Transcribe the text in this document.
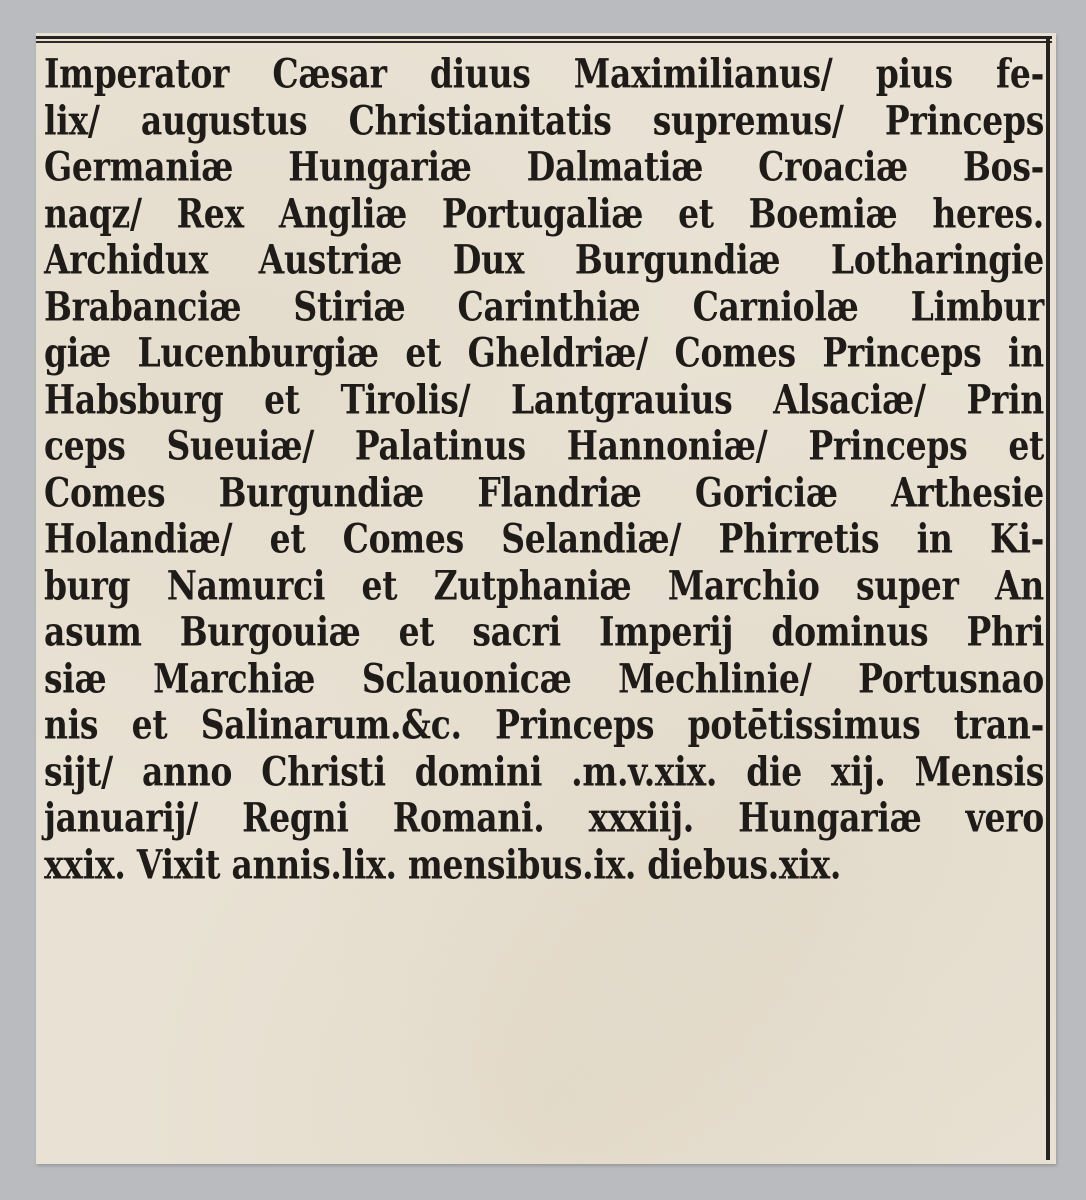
Imperator Cæsar diuus Maximilianus/ pius fe-
lix/ augustus Christianitatis supremus/ Princeps
Germaniæ Hungariæ Dalmatiæ Croaciæ Bos-
naqz/ Rex Angliæ Portugaliæ et Boemiæ heres.
Archidux Austriæ Dux Burgundiæ Lotharingie
Brabanciæ Stiriæ Carinthiæ Carniolæ Limbur
giæ Lucenburgiæ et Gheldriæ/ Comes Princeps in
Habsburg et Tirolis/ Lantgrauius Alsaciæ/ Prin
ceps Sueuiæ/ Palatinus Hannoniæ/ Princeps et
Comes Burgundiæ Flandriæ Goriciæ Arthesie
Holandiæ/ et Comes Selandiæ/ Phirretis in Ki-
burg Namurci et Zutphaniæ Marchio super An
asum Burgouiæ et sacri Imperij dominus Phri
siæ Marchiæ Sclauonicæ Mechlinie/ Portusnao
nis et Salinarum.&c. Princeps potētissimus tran-
sijt/ anno Christi domini .m.v.xix. die xij. Mensis
januarij/ Regni Romani. xxxiij. Hungariæ vero
xxix. Vixit annis.lix. mensibus.ix. diebus.xix.
